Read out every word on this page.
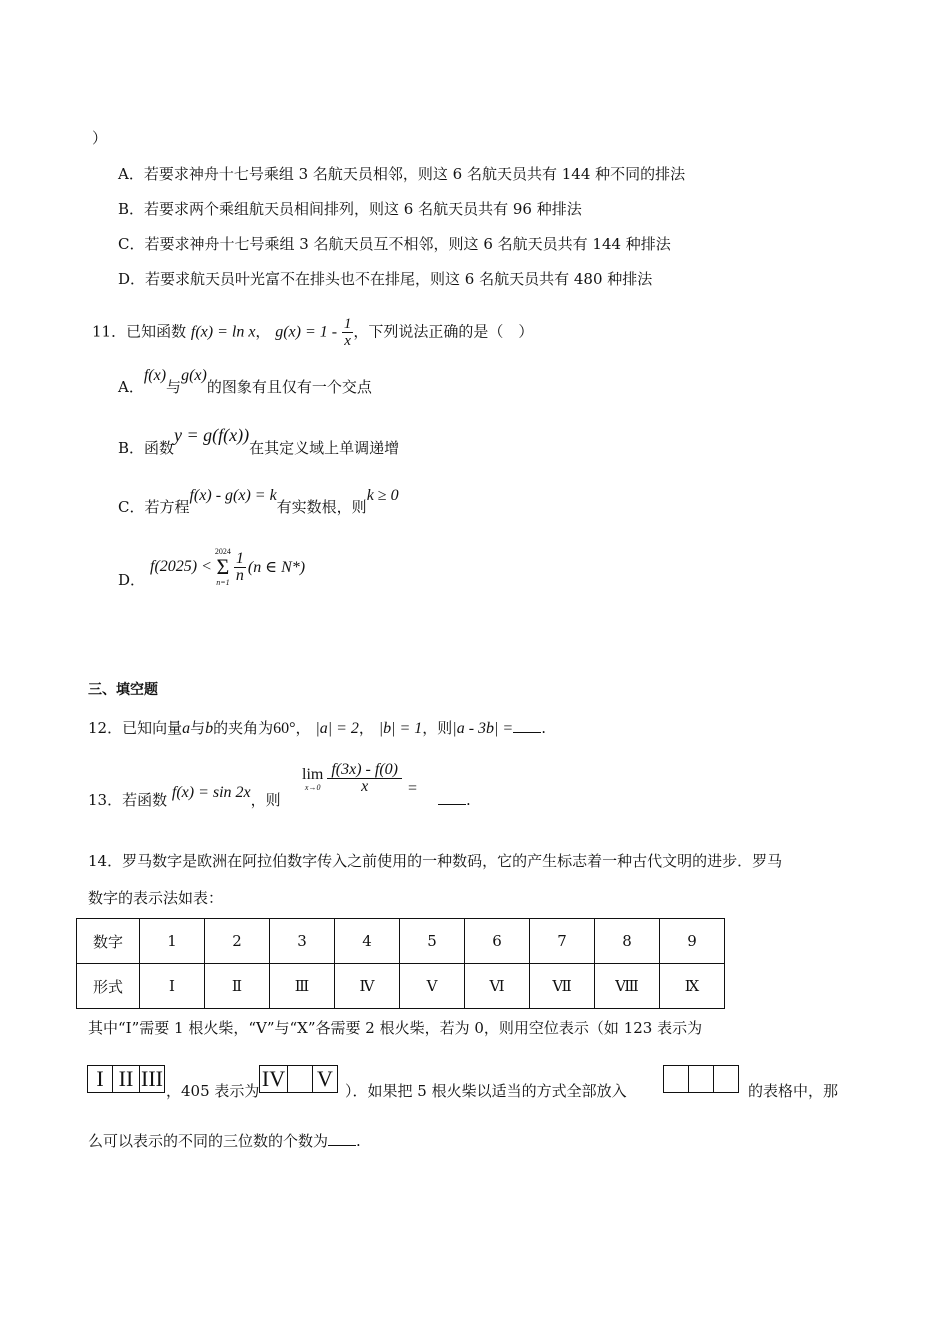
）
A．若要求神舟十七号乘组 3 名航天员相邻，则这 6 名航天员共有 144 种不同的排法
B．若要求两个乘组航天员相间排列，则这 6 名航天员共有 96 种排法
C．若要求神舟十七号乘组 3 名航天员互不相邻，则这 6 名航天员共有 144 种排法
D．若要求航天员叶光富不在排头也不在排尾，则这 6 名航天员共有 480 种排法
11．已知函数 f(x) = ln x， $g(x) = 1 - \frac{1}{x}$ ，下列说法正确的是（　）
A．f(x)与g(x)的图象有且仅有一个交点
B．函数y = g(f(x))在其定义域上单调递增
C．若方程f(x) - g(x) = k有实数根，则k ≥ 0
D．
f(2025) <
2024
Σ
$n=1 \frac{1}{n} (n$ ∈ N*)
三、填空题
12．已知向量a与b的夹角为60°， |a| = 2， |b| = 1，则|a - 3b| = .
13．若函数 f(x) = sin 2x，则
lim
$x\to 0 \frac{f(3x) - f(0)}{x}$ =
.
14．罗马数字是欧洲在阿拉伯数字传入之前使用的一种数码，它的产生标志着一种古代文明的进步．罗马
数字的表示法如表：
数字	1	2	3	4	5	6	7	8	9
形式	Ⅰ	Ⅱ	Ⅲ	Ⅳ	Ⅴ	Ⅵ	Ⅶ	Ⅷ	Ⅸ
其中“Ⅰ”需要 1 根火柴，“Ⅴ”与“X”各需要 2 根火柴，若为 0，则用空位表示（如 123 表示为
I II III ，405 表示为 IV V ）．如果把 5 根火柴以适当的方式全部放入	的表格中，那
么可以表示的不同的三位数的个数为 .
